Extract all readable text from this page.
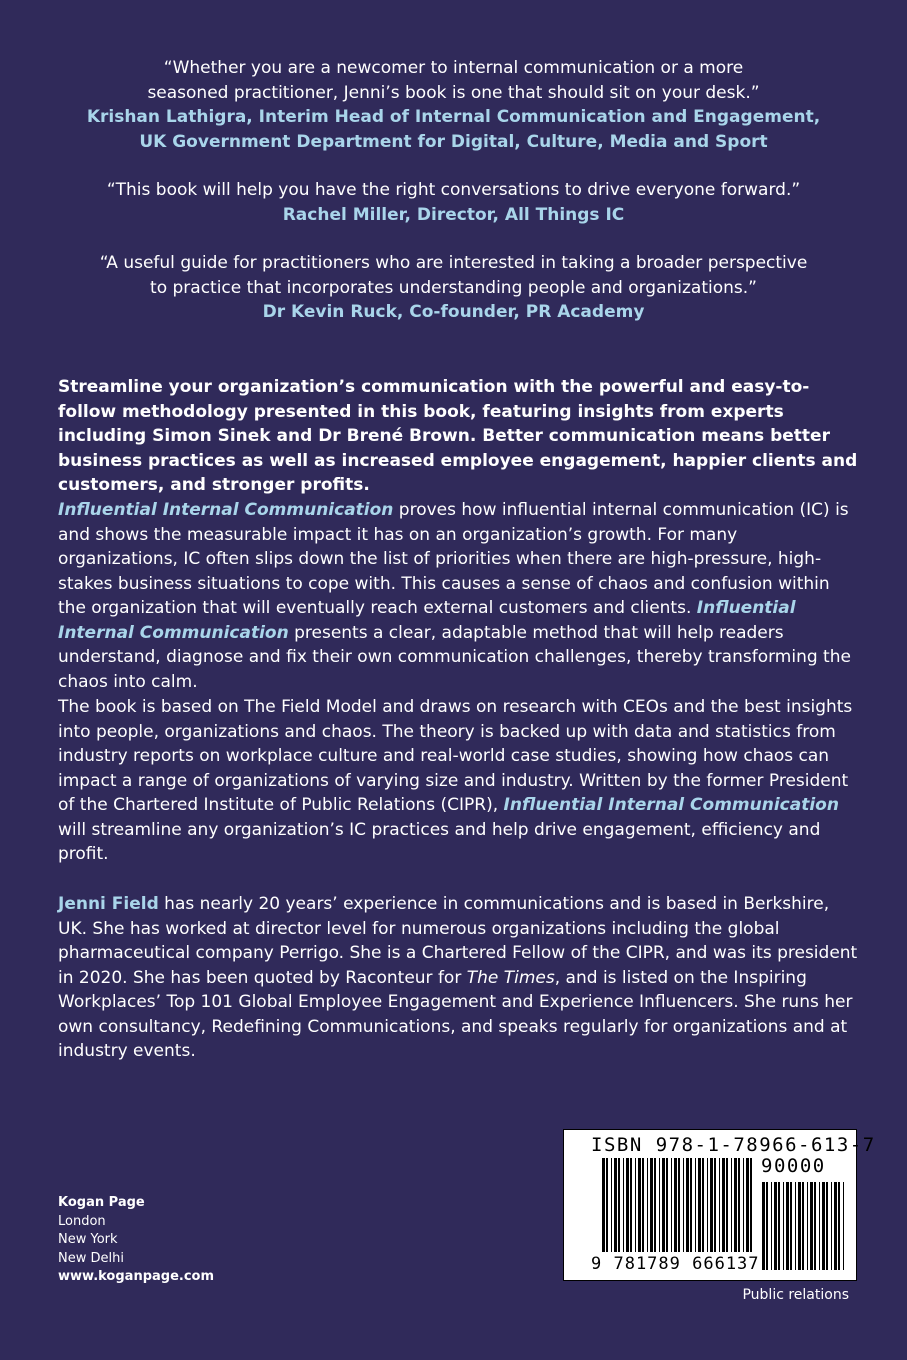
“Whether you are a newcomer to internal communication or a more
seasoned practitioner, Jenni’s book is one that should sit on your desk.”
Krishan Lathigra, Interim Head of Internal Communication and Engagement,
UK Government Department for Digital, Culture, Media and Sport
“This book will help you have the right conversations to drive everyone forward.”
Rachel Miller, Director, All Things IC
“A useful guide for practitioners who are interested in taking a broader perspective
to practice that incorporates understanding people and organizations.”
Dr Kevin Ruck, Co-founder, PR Academy
Streamline your organization’s communication with the powerful and easy-to-follow methodology presented in this book, featuring insights from experts including Simon Sinek and Dr Brené Brown. Better communication means better business practices as well as increased employee engagement, happier clients and customers, and stronger profits.
Influential Internal Communication proves how influential internal communication (IC) is and shows the measurable impact it has on an organization’s growth. For many organizations, IC often slips down the list of priorities when there are high-pressure, high-stakes business situations to cope with. This causes a sense of chaos and confusion within the organization that will eventually reach external customers and clients. Influential Internal Communication presents a clear, adaptable method that will help readers understand, diagnose and fix their own communication challenges, thereby transforming the chaos into calm.
The book is based on The Field Model and draws on research with CEOs and the best insights into people, organizations and chaos. The theory is backed up with data and statistics from industry reports on workplace culture and real-world case studies, showing how chaos can impact a range of organizations of varying size and industry. Written by the former President of the Chartered Institute of Public Relations (CIPR), Influential Internal Communication will streamline any organization’s IC practices and help drive engagement, efficiency and profit.
Jenni Field has nearly 20 years’ experience in communications and is based in Berkshire, UK. She has worked at director level for numerous organizations including the global pharmaceutical company Perrigo. She is a Chartered Fellow of the CIPR, and was its president in 2020. She has been quoted by Raconteur for The Times, and is listed on the Inspiring Workplaces’ Top 101 Global Employee Engagement and Experience Influencers. She runs her own consultancy, Redefining Communications, and speaks regularly for organizations and at industry events.
Kogan Page
London
New York
New Delhi
www.koganpage.com
ISBN 978-1-78966-613-7
90000
9 781789 666137
Public relations
